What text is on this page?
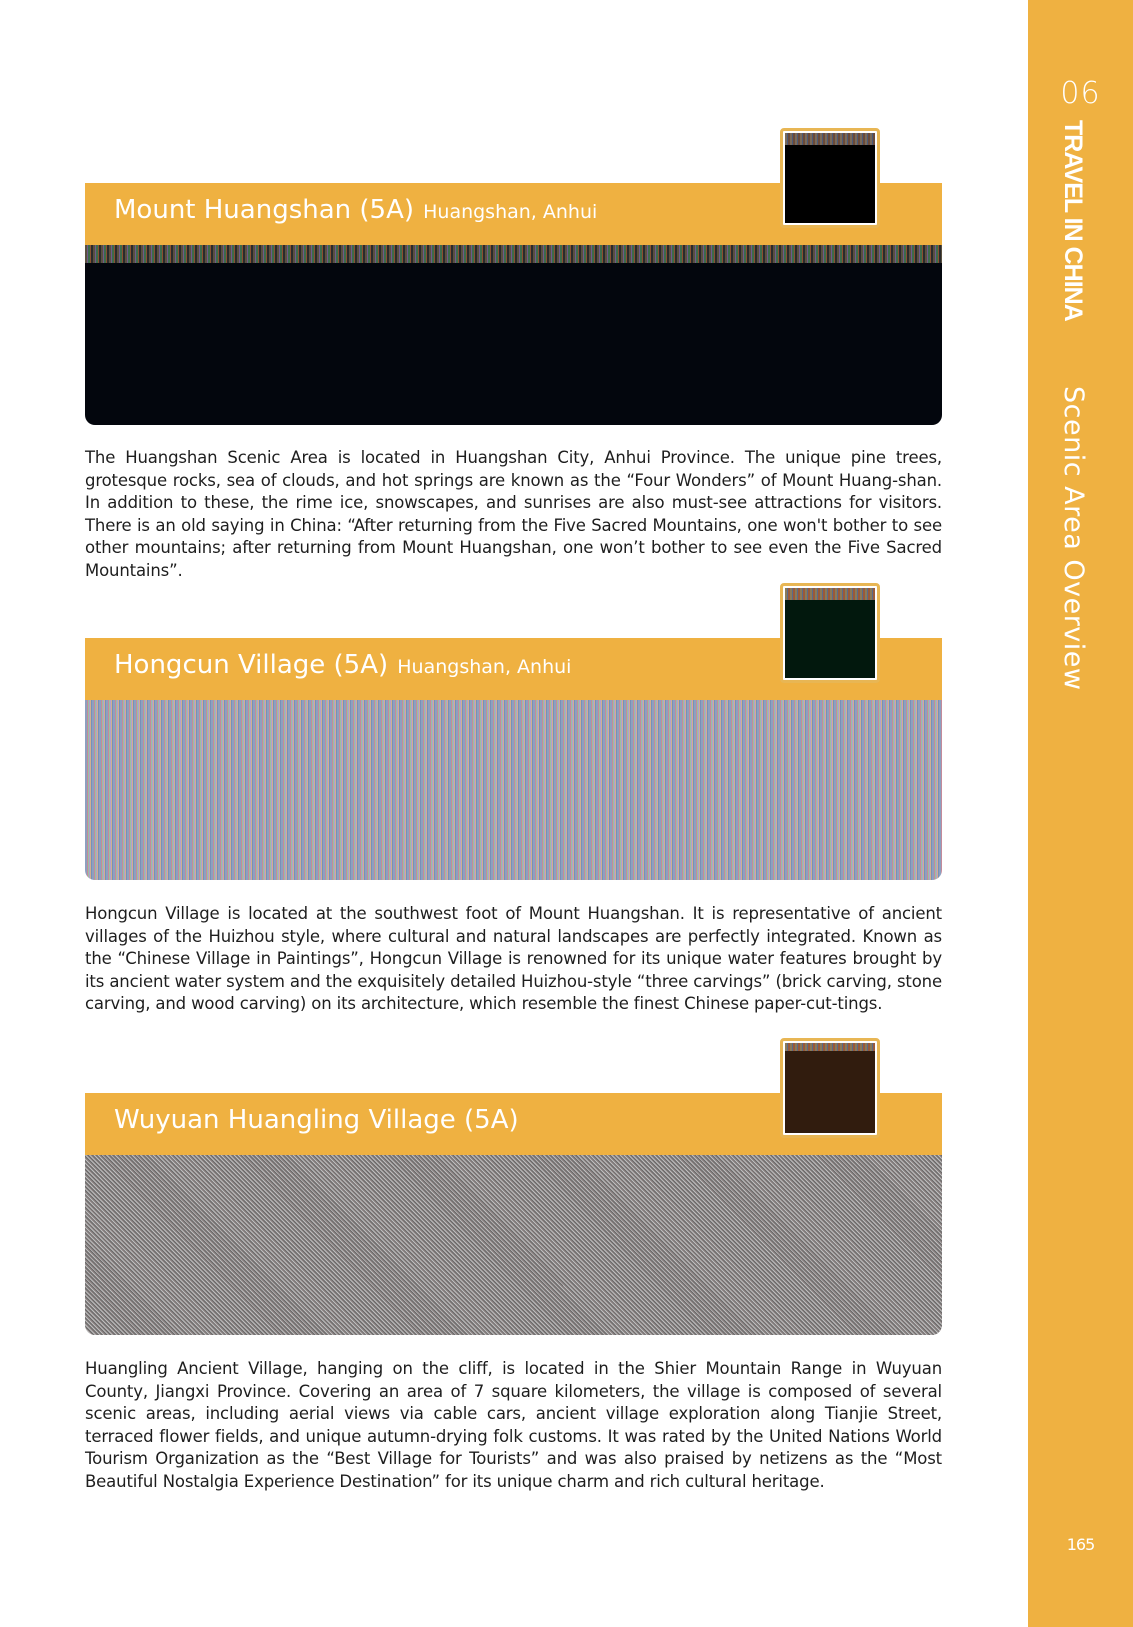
06
TRAVEL IN CHINA Scenic Area Overview
165
Mount Huangshan (5A) Huangshan, Anhui

The Huangshan Scenic Area is located in Huangshan City, Anhui Province. The unique pine trees, grotesque rocks, sea of clouds, and hot springs are known as the “Four Wonders” of Mount Huang-shan. In addition to these, the rime ice, snowscapes, and sunrises are also must-see attractions for visitors. There is an old saying in China: “After returning from the Five Sacred Mountains, one won't bother to see other mountains; after returning from Mount Huangshan, one won’t bother to see even the Five Sacred Mountains”.

Hongcun Village (5A) Huangshan, Anhui

Hongcun Village is located at the southwest foot of Mount Huangshan. It is representative of ancient villages of the Huizhou style, where cultural and natural landscapes are perfectly integrated. Known as the “Chinese Village in Paintings”, Hongcun Village is renowned for its unique water features brought by its ancient water system and the exquisitely detailed Huizhou-style “three carvings” (brick carving, stone carving, and wood carving) on its architecture, which resemble the finest Chinese paper-cut-tings.

Wuyuan Huangling Village (5A)

Huangling Ancient Village, hanging on the cliff, is located in the Shier Mountain Range in Wuyuan County, Jiangxi Province. Covering an area of 7 square kilometers, the village is composed of several scenic areas, including aerial views via cable cars, ancient village exploration along Tianjie Street, terraced flower fields, and unique autumn-drying folk customs. It was rated by the United Nations World Tourism Organization as the “Best Village for Tourists” and was also praised by netizens as the “Most Beautiful Nostalgia Experience Destination” for its unique charm and rich cultural heritage.
